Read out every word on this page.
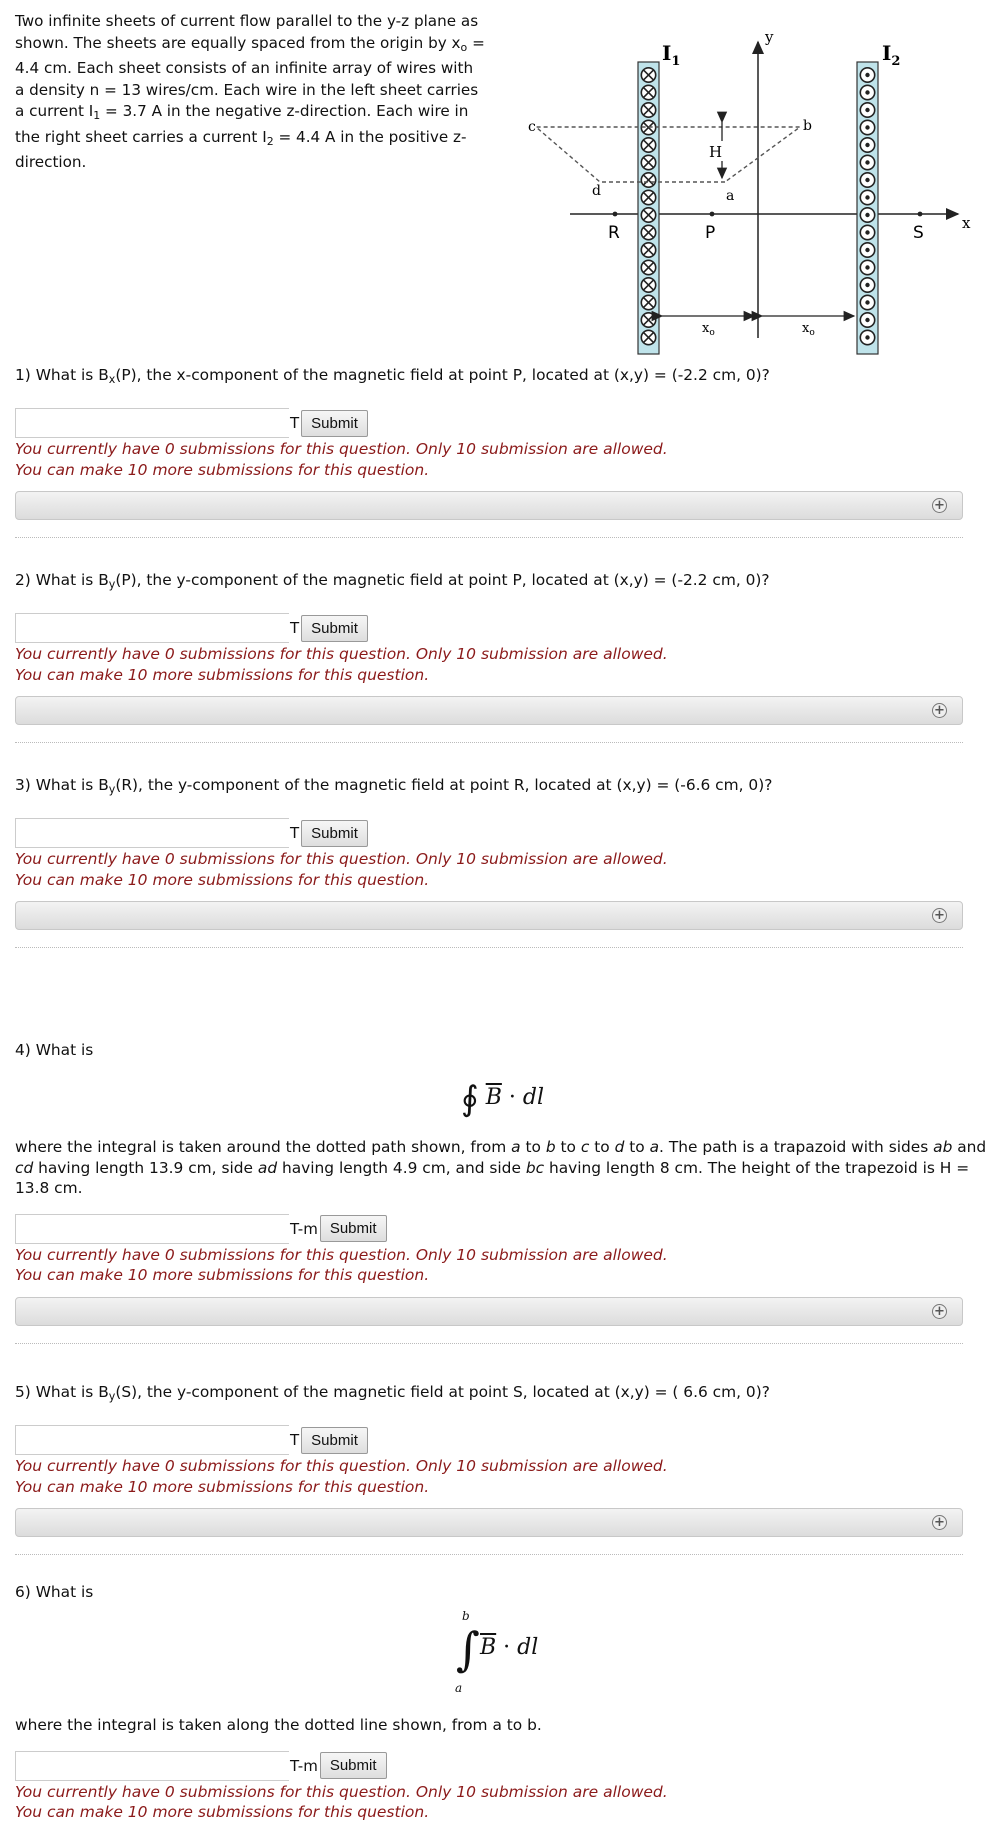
Two infinite sheets of current flow parallel to the y-z plane as shown. The sheets are equally spaced from the origin by $x_o = 4.4$ cm. Each sheet consists of an infinite array of wires with a density n = 13 wires/cm. Each wire in the left sheet carries a current $I_1 = 3.7$ A in the negative z-direction. Each wire in the right sheet carries a current $I_2 = 4.4$ A in the positive z-direction.
x
y
$I_1$	$I_2$
a
b
c
d
H
R	P	S
$x_o$	$x_o$

1) What is $B_x(P)$, the x-component of the magnetic field at point P, located at (x,y) = (-2.2 cm, 0)?

T Submit

You currently have 0 submissions for this question. Only 10 submission are allowed.

You can make 10 more submissions for this question.

+

2) What is $B_y(P)$, the y-component of the magnetic field at point P, located at (x,y) = (-2.2 cm, 0)?

T Submit

You currently have 0 submissions for this question. Only 10 submission are allowed.

You can make 10 more submissions for this question.

+

3) What is $B_y(R)$, the y-component of the magnetic field at point R, located at (x,y) = (-6.6 cm, 0)?

T Submit

You currently have 0 submissions for this question. Only 10 submission are allowed.

You can make 10 more submissions for this question.

+

4) What is

∮ $\overline{B}$ · dl

where the integral is taken around the dotted path shown, from a to b to c to d to a. The path is a trapazoid with sides ab and cd having length 13.9 cm, side ad having length 4.9 cm, and side bc having length 8 cm. The height of the trapezoid is H = 13.8 cm.

T-m Submit

You currently have 0 submissions for this question. Only 10 submission are allowed.

You can make 10 more submissions for this question.

+

5) What is $B_y(S)$, the y-component of the magnetic field at point S, located at (x,y) = ( 6.6 cm, 0)?

T Submit

You currently have 0 submissions for this question. Only 10 submission are allowed.

You can make 10 more submissions for this question.

+

6) What is

b
∫
a
$\overline{B}$ · dl

where the integral is taken along the dotted line shown, from a to b.

T-m Submit

You currently have 0 submissions for this question. Only 10 submission are allowed.

You can make 10 more submissions for this question.
